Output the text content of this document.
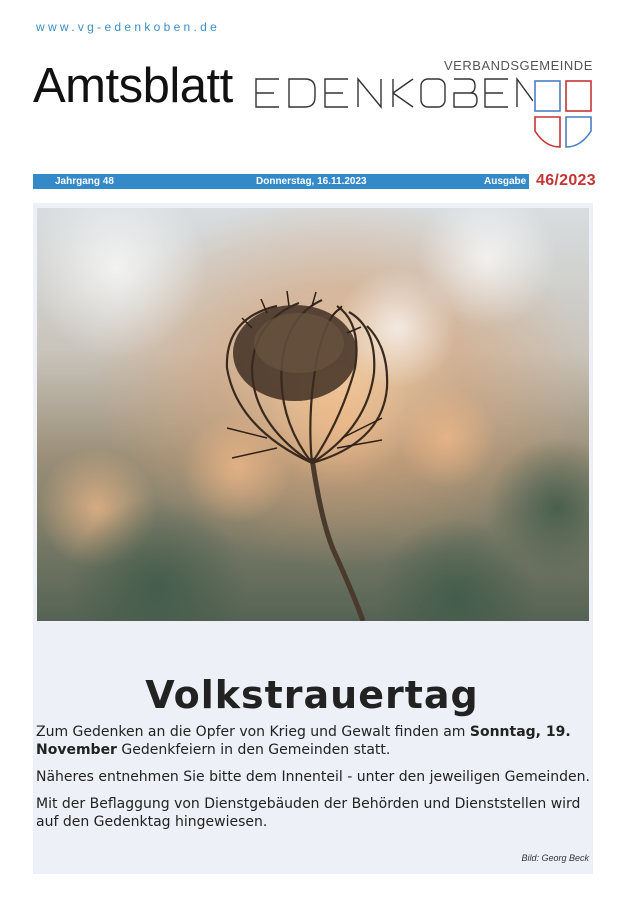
www.vg-edenkoben.de
Amtsblatt	VERBANDSGEMEINDE
Jahrgang 48	Donnerstag, 16.11.2023	Ausgabe 46/2023
Volkstrauertag

Zum Gedenken an die Opfer von Krieg und Gewalt finden am Sonntag, 19. November Gedenkfeiern in den Gemeinden statt.

Näheres entnehmen Sie bitte dem Innenteil - unter den jeweiligen Gemeinden.

Mit der Beflaggung von Dienstgebäuden der Behörden und Dienststellen wird auf den Gedenktag hingewiesen.

Bild: Georg Beck
